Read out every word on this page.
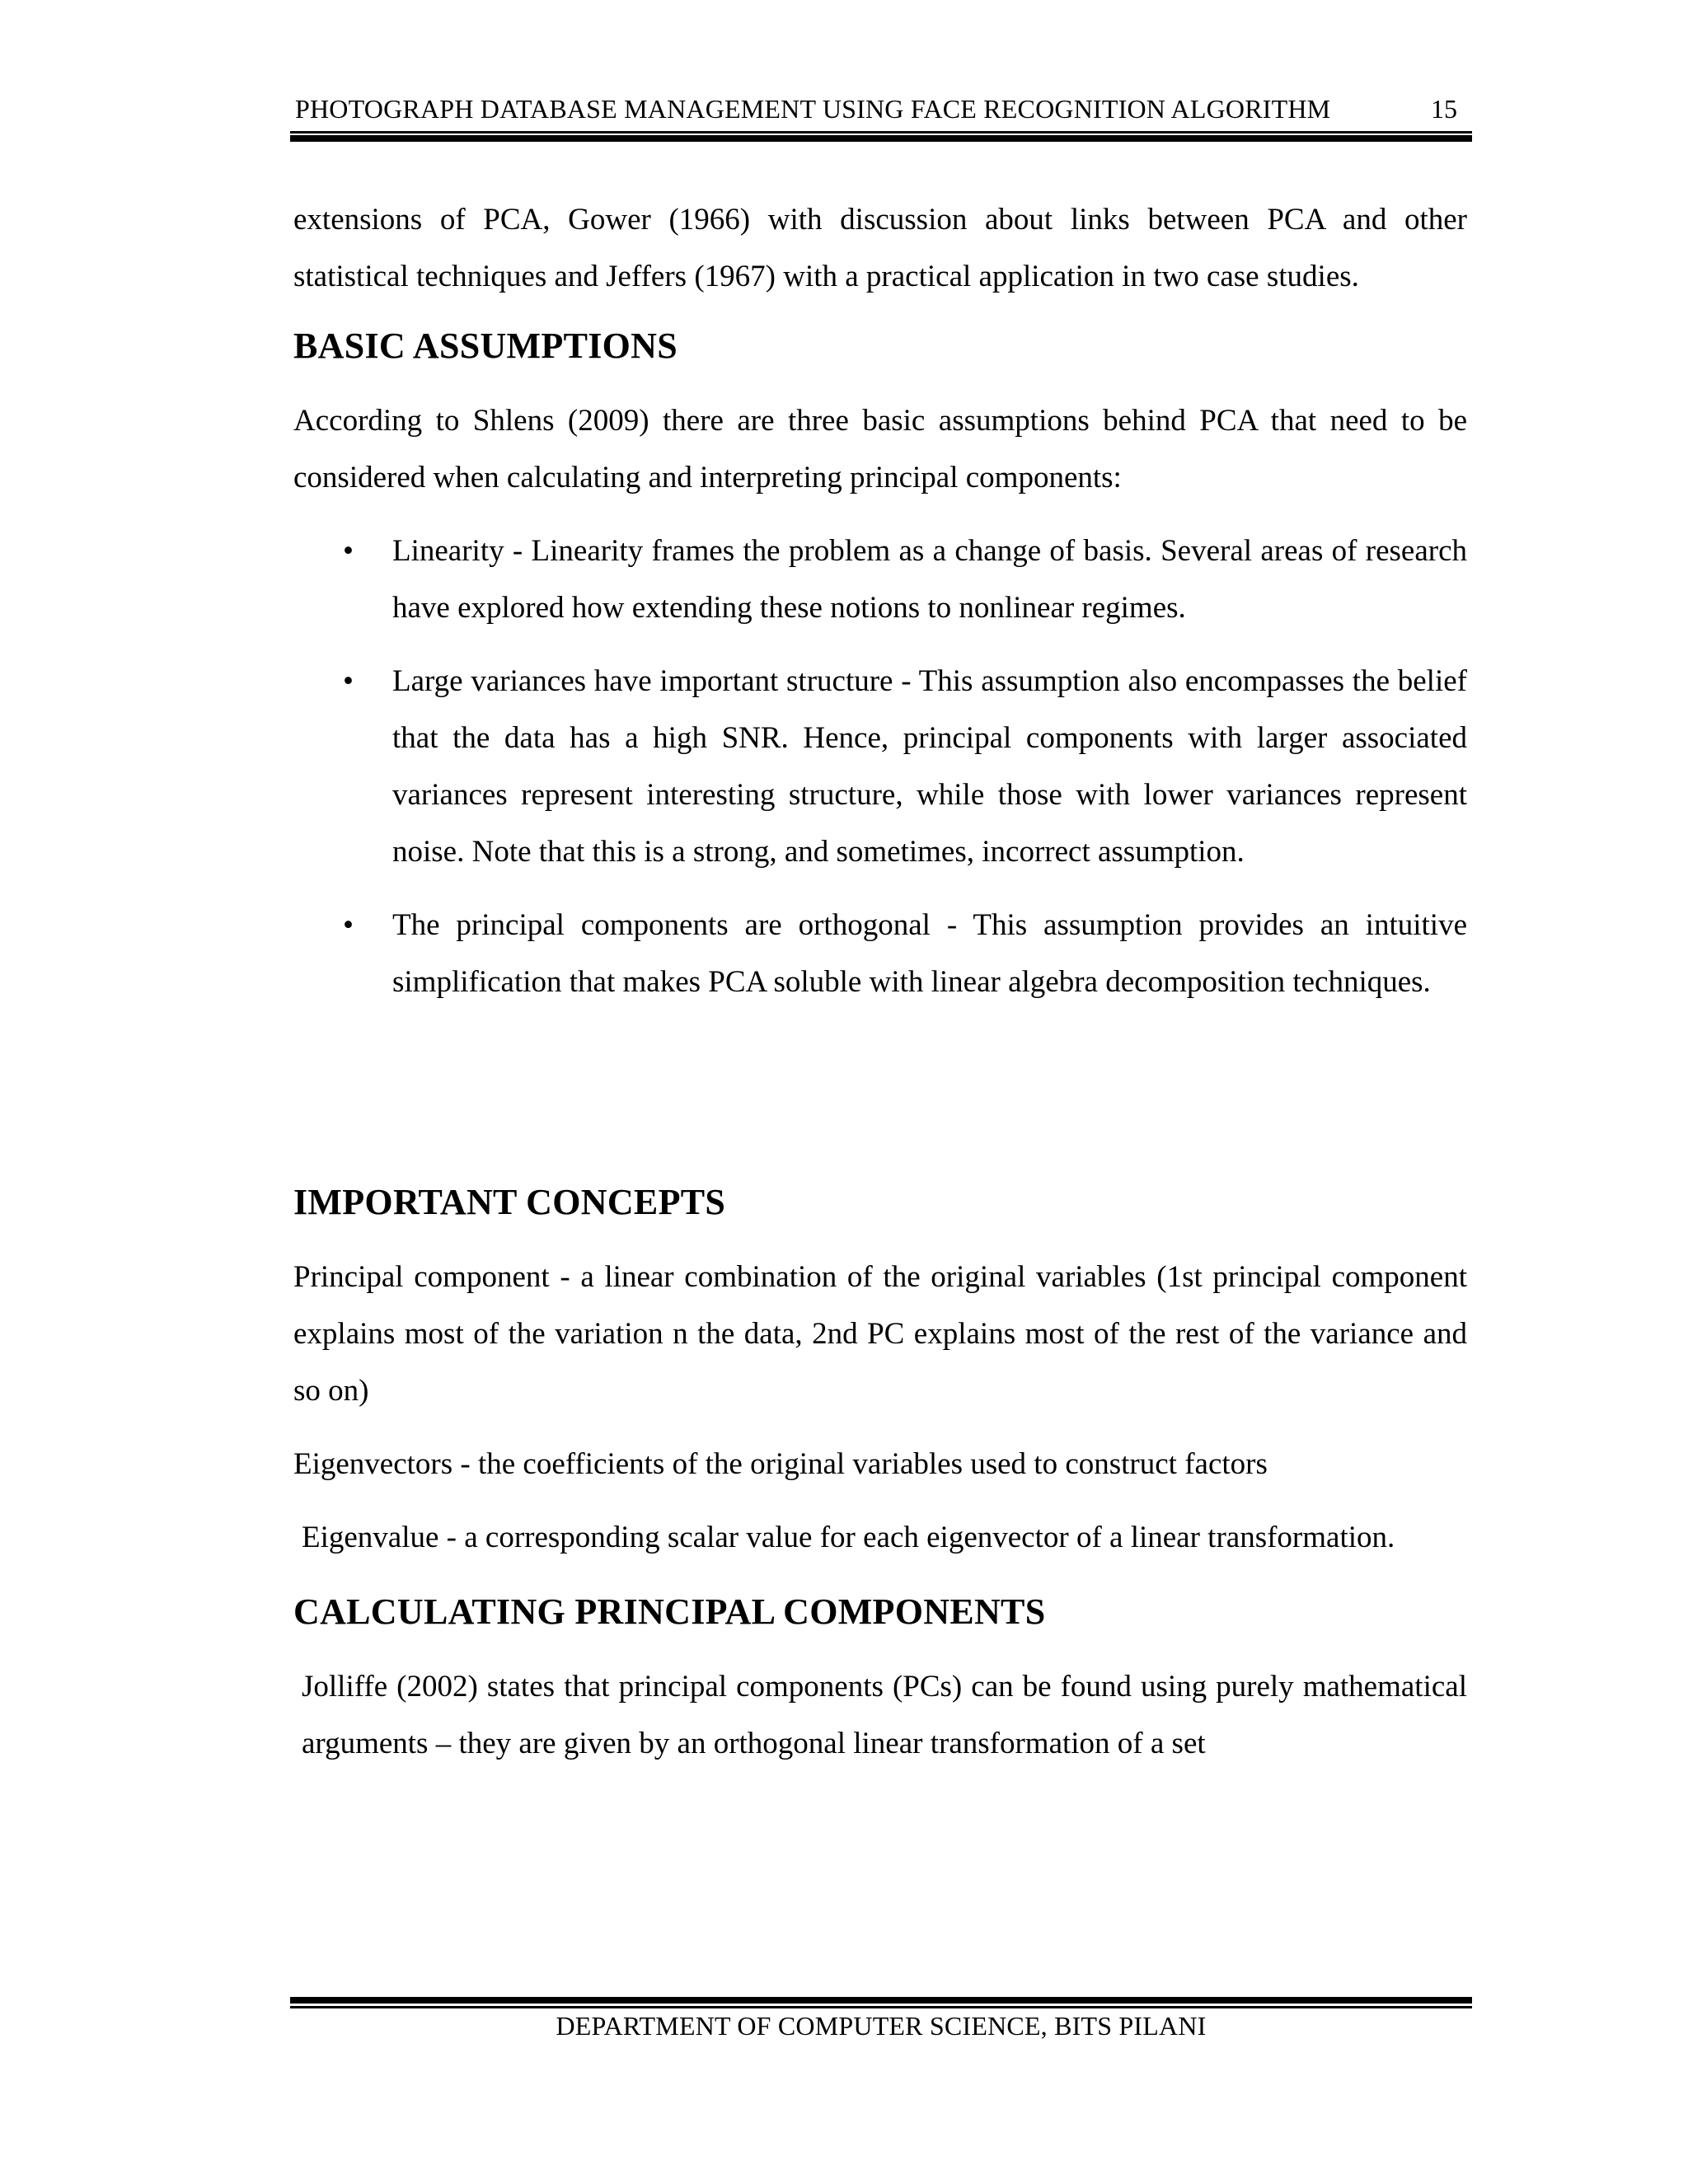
PHOTOGRAPH DATABASE MANAGEMENT USING FACE RECOGNITION ALGORITHM	15

extensions of PCA, Gower (1966) with discussion about links between PCA and other statistical techniques and Jeffers (1967) with a practical application in two case studies.

BASIC ASSUMPTIONS

According to Shlens (2009) there are three basic assumptions behind PCA that need to be considered when calculating and interpreting principal components:

• Linearity - Linearity frames the problem as a change of basis. Several areas of research have explored how extending these notions to nonlinear regimes.
• Large variances have important structure - This assumption also encompasses the belief that the data has a high SNR. Hence, principal components with larger associated variances represent interesting structure, while those with lower variances represent noise. Note that this is a strong, and sometimes, incorrect assumption.
• The principal components are orthogonal - This assumption provides an intuitive simplification that makes PCA soluble with linear algebra decomposition techniques.
IMPORTANT CONCEPTS

Principal component - a linear combination of the original variables (1st principal component explains most of the variation n the data, 2nd PC explains most of the rest of the variance and so on)

Eigenvectors - the coefficients of the original variables used to construct factors

Eigenvalue - a corresponding scalar value for each eigenvector of a linear transformation.

CALCULATING PRINCIPAL COMPONENTS

Jolliffe (2002) states that principal components (PCs) can be found using purely mathematical arguments – they are given by an orthogonal linear transformation of a set

DEPARTMENT OF COMPUTER SCIENCE, BITS PILANI
